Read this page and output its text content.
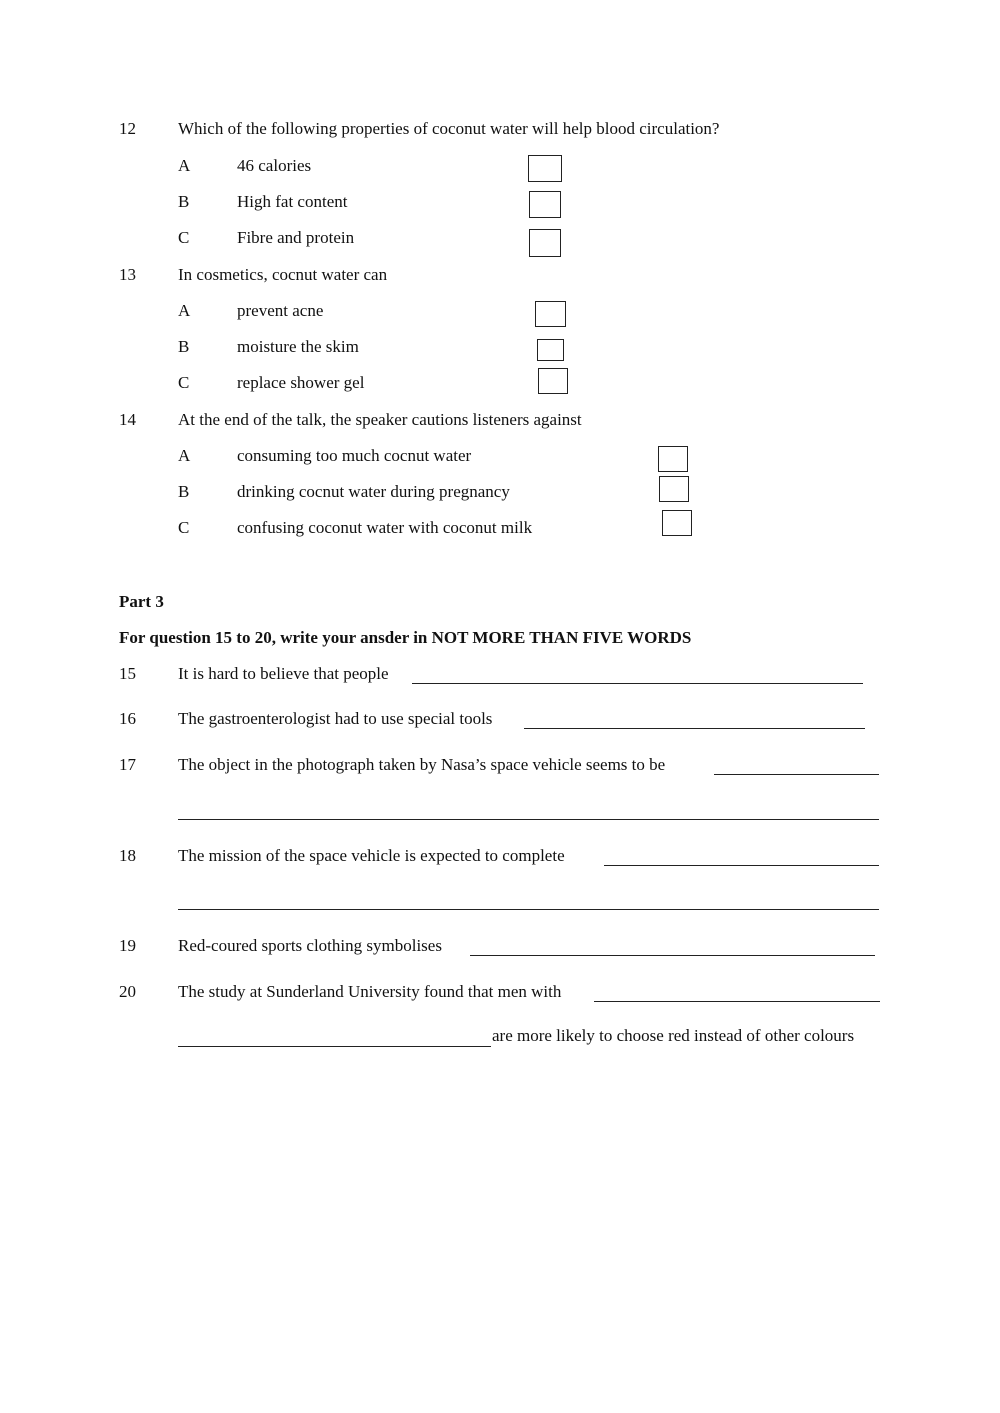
12 Which of the following properties of coconut water will help blood circulation?
A	46 calories
B	High fat content
C	Fibre and protein
13 In cosmetics, cocnut water can
A	prevent acne
B	moisture the skim
C	replace shower gel
14 At the end of the talk, the speaker cautions listeners against
A	consuming too much cocnut water
B	drinking cocnut water during pregnancy
C	confusing coconut water with coconut milk
Part 3
For question 15 to 20, write your ansder in NOT MORE THAN FIVE WORDS
15 It is hard to believe that people
16 The gastroenterologist had to use special tools
17 The object in the photograph taken by Nasa’s space vehicle seems to be
18 The mission of the space vehicle is expected to complete
19 Red-coured sports clothing symbolises
20 The study at Sunderland University found that men with
are more likely to choose red instead of other colours
